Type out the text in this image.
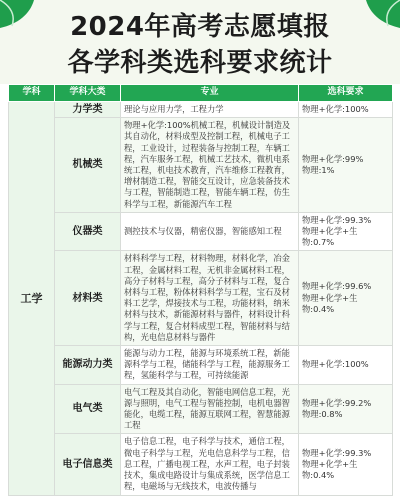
2024年高考志愿填报
各学科类选科要求统计
学科	学科大类	专业	选科要求
工学	力学类	理论与应用力学，工程力学	物理+化学:100%
	机械类	物理+化学:100%机械工程，机械设计制造及其自动化，材料成型及控制工程，机械电子工程，工业设计，过程装备与控制工程，车辆工程，汽车服务工程，机械工艺技术，微机电系统工程，机电技术教育，汽车维修工程教育，增材制造工程，智能交互设计，应急装备技术与工程，智能制造工程，智能车辆工程，仿生科学与工程，新能源汽车工程	物理+化学:99%
物理:1%
	仪器类	测控技术与仪器，精密仪器，智能感知工程	物理+化学:99.3%
物理+化学+生物:0.7%
	材料类	材料科学与工程，材料物理，材料化学，冶金工程，金属材料工程，无机非金属材料工程，高分子材料与工程，高分子材料与工程，复合材料与工程，粉体材料科学与工程，宝石及材料工艺学，焊接技术与工程，功能材料，纳米材料与技术，新能源材料与器件，材料设计科学与工程，复合材料成型工程，智能材料与结构，光电信息材料与器件	物理+化学:99.6%
物理+化学+生物:0.4%
	能源动力类	能源与动力工程，能源与环境系统工程，新能源科学与工程，储能科学与工程，能源服务工程，氢能科学与工程，可持续能源	物理+化学:100%
	电气类	电气工程及其自动化，智能电网信息工程，光源与照明，电气工程与智能控制，电机电器智能化，电缆工程，能源互联网工程，智慧能源工程	物理+化学:99.2%
物理:0.8%
	电子信息类	电子信息工程，电子科学与技术，通信工程，微电子科学与工程，光电信息科学与工程，信息工程，广播电视工程，水声工程，电子封装技术，集成电路设计与集成系统，医学信息工程，电磁场与无线技术，电波传播与	物理+化学:99.3%
物理+化学+生物:0.4%
